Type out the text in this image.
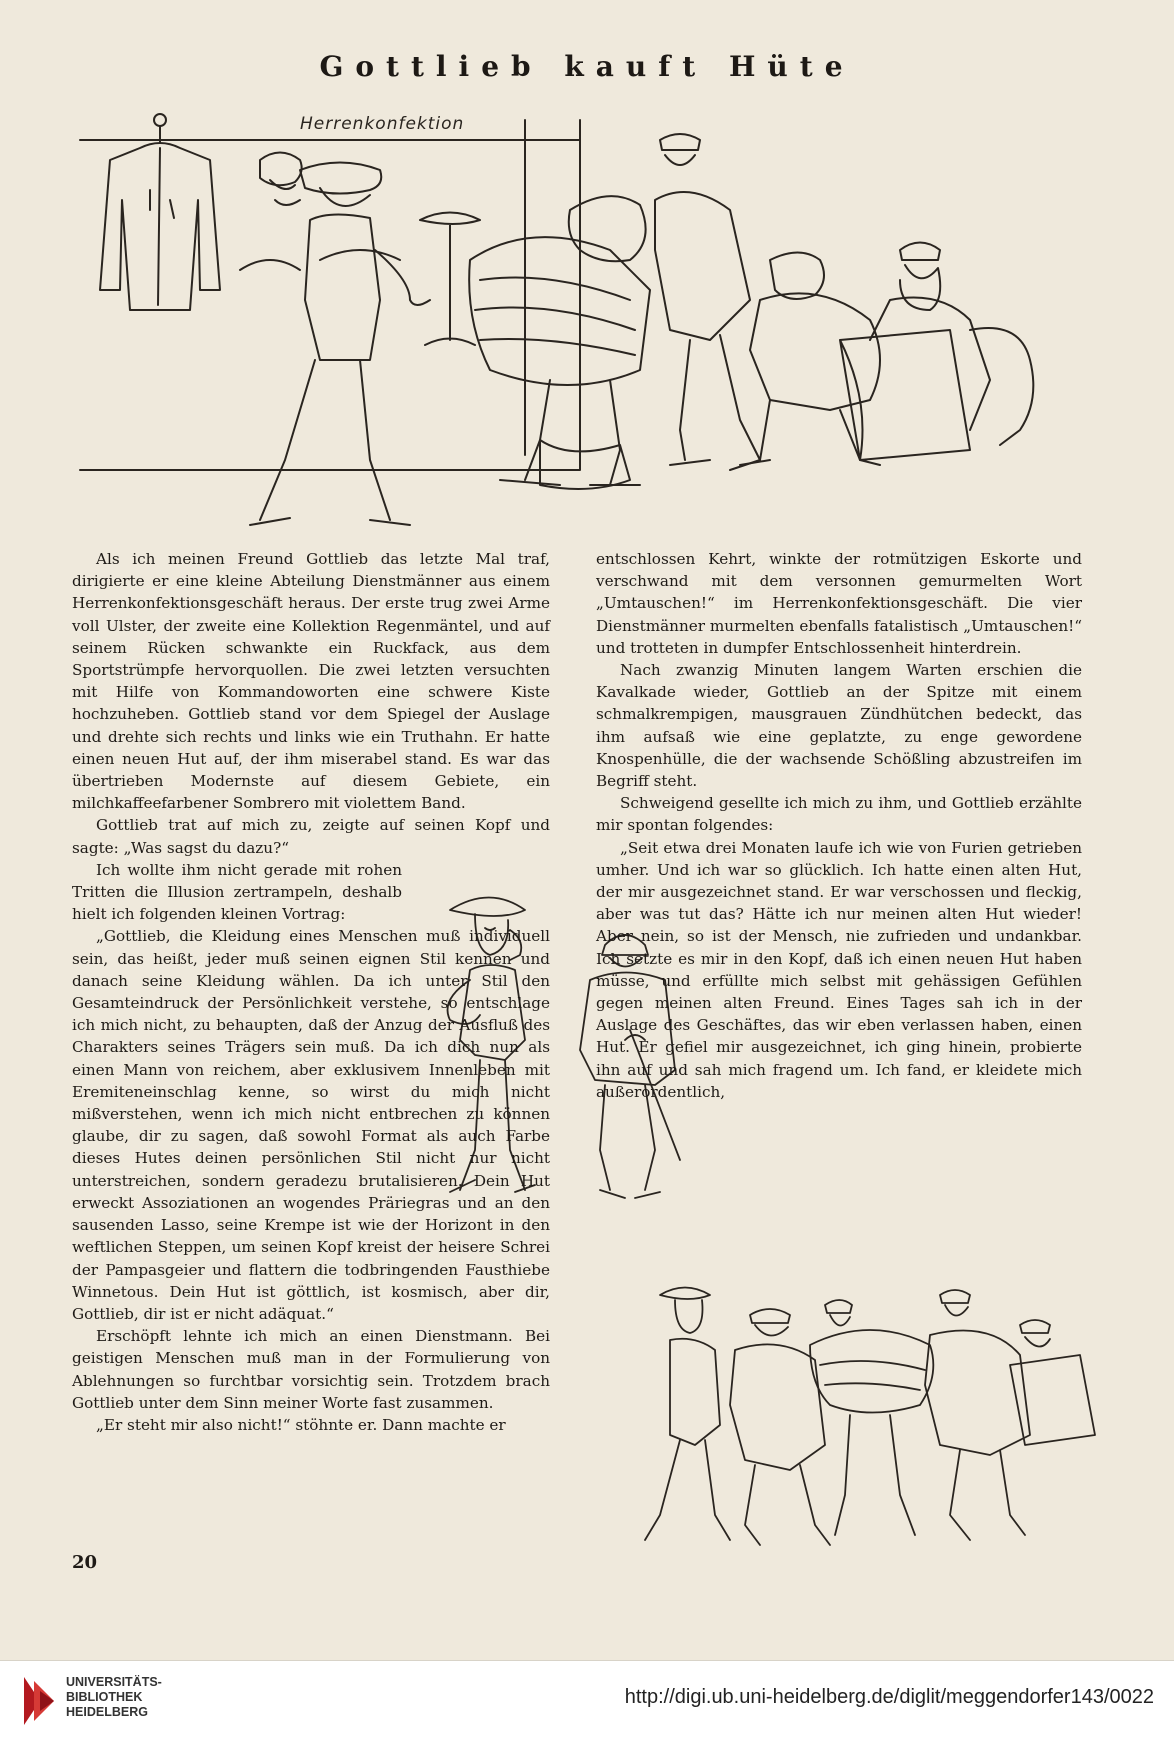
Gottlieb kauft Hüte
Herrenkonfektion

Als ich meinen Freund Gottlieb das letzte Mal traf, dirigierte er eine kleine Abteilung Dienstmänner aus einem Herrenkonfektionsgeschäft heraus. Der erste trug zwei Arme voll Ulster, der zweite eine Kollektion Regenmäntel, und auf seinem Rücken schwankte ein Ruckfack, aus dem Sportstrümpfe hervorquollen. Die zwei letzten versuchten mit Hilfe von Kommandoworten eine schwere Kiste hochzuheben. Gottlieb stand vor dem Spiegel der Auslage und drehte sich rechts und links wie ein Truthahn. Er hatte einen neuen Hut auf, der ihm miserabel stand. Es war das übertrieben Modernste auf diesem Gebiete, ein milchkaffeefarbener Sombrero mit violettem Band.

Gottlieb trat auf mich zu, zeigte auf seinen Kopf und sagte: „Was sagst du dazu?“

Ich wollte ihm nicht gerade mit rohen Tritten die Illusion zertrampeln, deshalb hielt ich folgenden kleinen Vortrag:

„Gottlieb, die Kleidung eines Menschen muß individuell sein, das heißt, jeder muß seinen eignen Stil kennen und danach seine Kleidung wählen. Da ich unter Stil den Gesamteindruck der Persönlichkeit verstehe, so entschlage ich mich nicht, zu behaupten, daß der Anzug der Ausfluß des Charakters seines Trägers sein muß. Da ich dich nun als einen Mann von reichem, aber exklusivem Innenleben mit Eremiteneinschlag kenne, so wirst du mich nicht mißverstehen, wenn ich mich nicht entbrechen zu können glaube, dir zu sagen, daß sowohl Format als auch Farbe dieses Hutes deinen persönlichen Stil nicht nur nicht unterstreichen, sondern geradezu brutalisieren. Dein Hut erweckt Assoziationen an wogendes Präriegras und an den sausenden Lasso, seine Krempe ist wie der Horizont in den weftlichen Steppen, um seinen Kopf kreist der heisere Schrei der Pampasgeier und flattern die todbringenden Fausthiebe Winnetous. Dein Hut ist göttlich, ist kosmisch, aber dir, Gottlieb, dir ist er nicht adäquat.“

Erschöpft lehnte ich mich an einen Dienstmann. Bei geistigen Menschen muß man in der Formulierung von Ablehnungen so furchtbar vorsichtig sein. Trotzdem brach Gottlieb unter dem Sinn meiner Worte fast zusammen.

„Er steht mir also nicht!“ stöhnte er. Dann machte er

entschlossen Kehrt, winkte der rotmützigen Eskorte und verschwand mit dem versonnen gemurmelten Wort „Umtauschen!“ im Herrenkonfektionsgeschäft. Die vier Dienstmänner murmelten ebenfalls fatalistisch „Umtauschen!“ und trotteten in dumpfer Entschlossenheit hinterdrein.

Nach zwanzig Minuten langem Warten erschien die Kavalkade wieder, Gottlieb an der Spitze mit einem schmalkrempigen, mausgrauen Zündhütchen bedeckt, das ihm aufsaß wie eine geplatzte, zu enge gewordene Knospenhülle, die der wachsende Schößling abzustreifen im Begriff steht.

Schweigend gesellte ich mich zu ihm, und Gottlieb erzählte mir spontan folgendes:

„Seit etwa drei Monaten laufe ich wie von Furien getrieben umher. Und ich war so glücklich. Ich hatte einen alten Hut, der mir ausgezeichnet stand. Er war verschossen und fleckig, aber was tut das? Hätte ich nur meinen alten Hut wieder! Aber nein, so ist der Mensch, nie zufrieden und undankbar. Ich setzte es mir in den Kopf, daß ich einen neuen Hut haben müsse, und erfüllte mich selbst mit gehässigen Gefühlen gegen meinen alten Freund. Eines Tages sah ich in der Auslage des Geschäftes, das wir eben verlassen haben, einen Hut. Er gefiel mir ausgezeichnet, ich ging hinein, probierte ihn auf und sah mich fragend um. Ich fand, er kleidete mich außerordentlich,

20
UNIVERSITÄTS-
BIBLIOTHEK
HEIDELBERG
http://digi.ub.uni-heidelberg.de/diglit/meggendorfer143/0022
